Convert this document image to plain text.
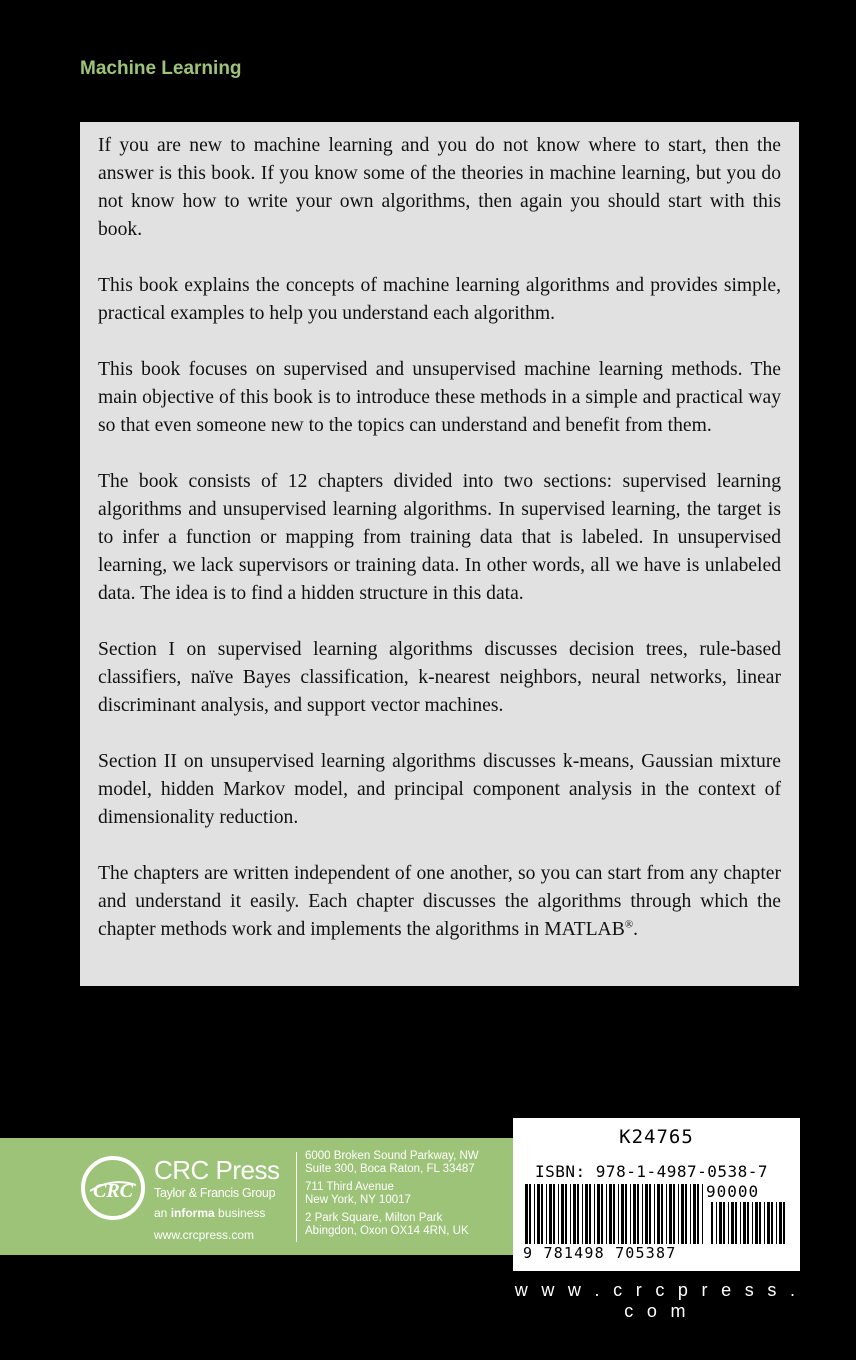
Machine Learning

If you are new to machine learning and you do not know where to start, then the answer is this book. If you know some of the theories in machine learning, but you do not know how to write your own algorithms, then again you should start with this book.

This book explains the concepts of machine learning algorithms and provides simple, practical examples to help you understand each algorithm.

This book focuses on supervised and unsupervised machine learning methods. The main objective of this book is to introduce these methods in a simple and practical way so that even someone new to the topics can understand and benefit from them.

The book consists of 12 chapters divided into two sections: supervised learning algorithms and unsupervised learning algorithms. In supervised learning, the target is to infer a function or mapping from training data that is labeled. In unsupervised learning, we lack supervisors or training data. In other words, all we have is unlabeled data. The idea is to find a hidden structure in this data.

Section I on supervised learning algorithms discusses decision trees, rule-based classifiers, naïve Bayes classification, k-nearest neighbors, neural networks, linear discriminant analysis, and support vector machines.

Section II on unsupervised learning algorithms discusses k-means, Gaussian mixture model, hidden Markov model, and principal component analysis in the context of dimensionality reduction.

The chapters are written independent of one another, so you can start from any chapter and understand it easily. Each chapter discusses the algorithms through which the chapter methods work and implements the algorithms in MATLAB®.

CRC
CRC Press
Taylor & Francis Group
an informa business
www.crcpress.com
6000 Broken Sound Parkway, NW
Suite 300, Boca Raton, FL 33487
711 Third Avenue
New York, NY 10017
2 Park Square, Milton Park
Abingdon, Oxon OX14 4RN, UK
K24765
ISBN: 978-1-4987-0538-7
90000
9 781498 705387
w w w . c r c p r e s s . c o m
